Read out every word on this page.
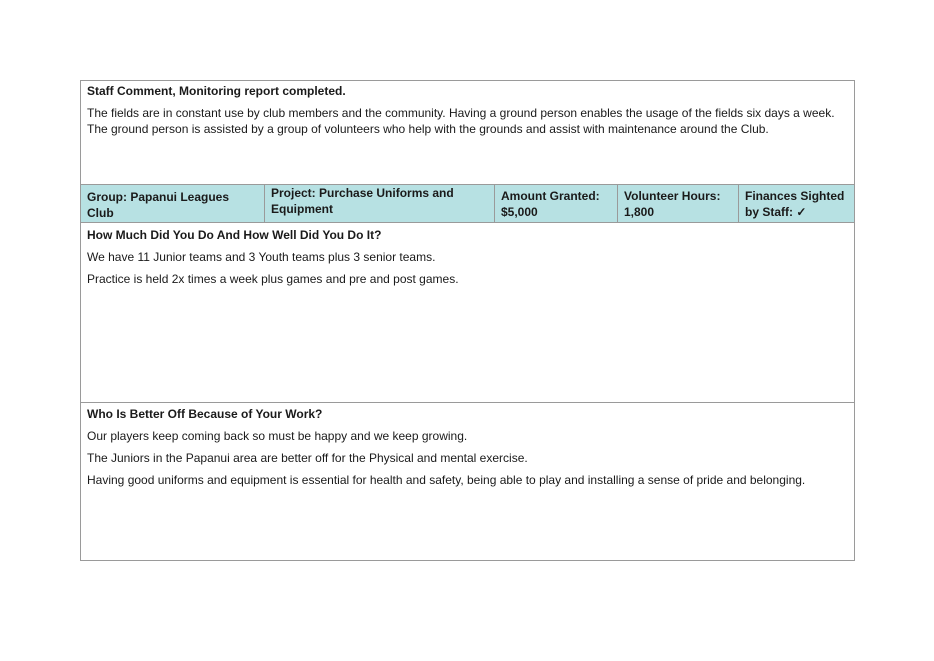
Staff Comment, Monitoring report completed.

The fields are in constant use by club members and the community. Having a ground person enables the usage of the fields six days a week. The ground person is assisted by a group of volunteers who help with the grounds and assist with maintenance around the Club.

Group: Papanui Leagues Club
Project: Purchase Uniforms and Equipment
Amount Granted:
$5,000
Volunteer Hours:
1,800
Finances Sighted
by Staff: ✓
How Much Did You Do And How Well Did You Do It?

We have 11 Junior teams and 3 Youth teams plus 3 senior teams.

Practice is held 2x times a week plus games and pre and post games.

Who Is Better Off Because of Your Work?

Our players keep coming back so must be happy and we keep growing.

The Juniors in the Papanui area are better off for the Physical and mental exercise.

Having good uniforms and equipment is essential for health and safety, being able to play and installing a sense of pride and belonging.
